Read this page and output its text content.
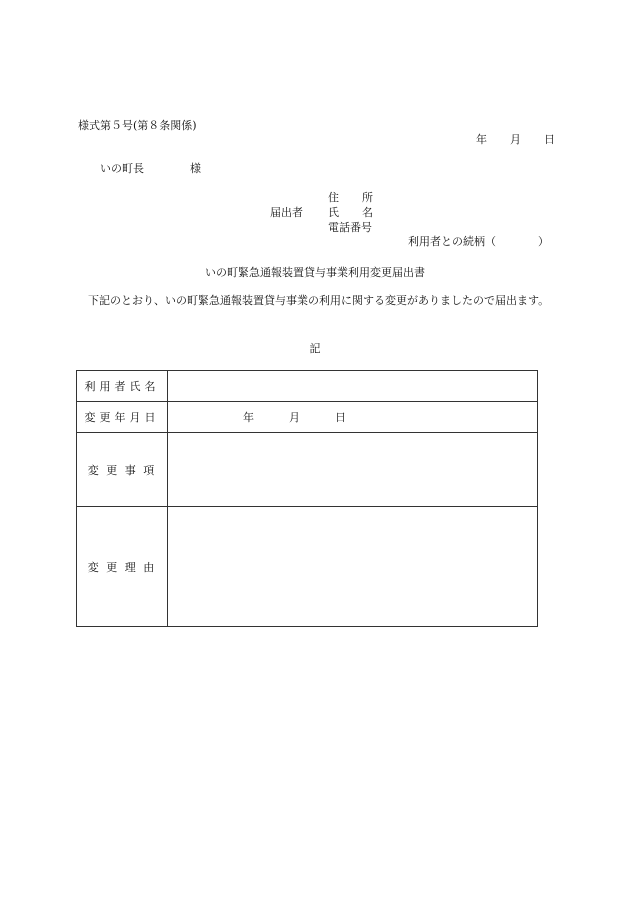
様式第５号(第８条関係)
年 月 日
いの町長	様
住 所
届出者 氏 名
電話番号
利用者との続柄（	）
いの町緊急通報装置貸与事業利用変更届出書
下記のとおり、いの町緊急通報装置貸与事業の利用に関する変更がありましたので届出ます。
記
利用者氏名	
変更年月日	年 月 日

変 更 事 項	
変 更 理 由	
